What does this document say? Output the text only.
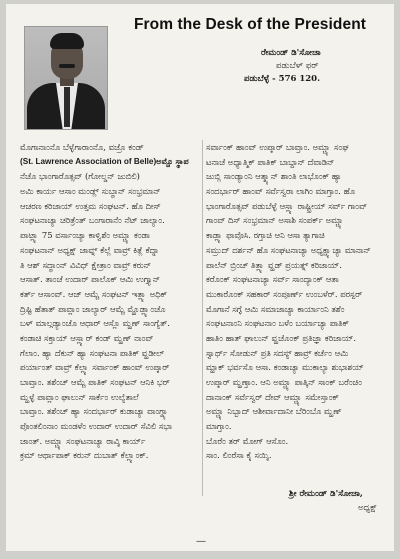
From the Desk of the President
ರೇಮಂಡ್ ಡಿ'ಸೋಜಾ
ಪಡುಬೆಳ್ ಫರ್
ಪಡುಬೆಳ್ಳೆ - 576 120.
ಮೊಗಾನಾಂನೊ ಬೆಳ್ಳೆಗಾರಾಂನೊ, ವಜ್ರೊ ಕಂಡ್
(St. Lawrence Association of Belle)ಅಮ್ಚೊ ಸ್ಥಾಪ
ನೆಚೊ ಭಾಂಗಾರೊತ್ಸವ್ (ಗೋಲ್ಡನ್ ಜುಬಿಲಿ)
ಅಮಿ ಕಾರ್ಯ ಆಸಾಂ ಮಂಡ್ಲ್ ಸುಬ್ಧಾನ್ ಸಂಭ್ರಮಾನ್
ಆಚರಣ ಕರಿಜಾಯ್ ಉತ್ತಮ ಸಂಘಟನ್. ಹೊ ದೀಸ್
ಸಂಘಟನಾಚ್ಯಾ ಚರಿತ್ರೆಂತ್ ಬಂಗಾರಾನೆಂ ನೆಟ್ ಜಾಲ್ಯಾಂ.
ಪಾಟ್ಲ್ಯಾ 75 ವರ್ಸಾಂಚ್ಯಾ ಕಾಳ್ವಿಶೆಂ ಅಮ್ಚ್ಯಾ ಕಂಡಾ
ಸಂಘಟನಾನ್ ಅಧ್ಯಕ್ಷ್ ಜಾವ್ನ್ ಕೆಲ್ಲೆ ವಾವ್ರ್ ಕಿತ್ಲೆ ಕೆದ್ನಾ
ತಿ ಆಶ್ ಸದ್ಧಾಂನ್ ವಿವಿಧ್ ಕ್ಷೇತ್ರಾಂ ವಾವ್ರ್ ಕರುನ್
ಆಸಾತ್. ತಾಂಚೆ ಉದಾರ್ ಪಾಲೊಕ್ ಆಮಿ ಉಗ್ತ್ಯಾನ್
ಕರ್ತ್ ಆಸಾಂವ್. ಆಜ್ ಆಮ್ಚೆ ಸಂಘಟನ್ ಇತ್ಲ್ಯಾ ಅಧಿಕ್
ದ್ರಿಷ್ಟಿ ಹೆತಾತ್ ಪಾವ್ಲಾಂ ಜಾಲ್ಯಾರ್ ಆಮ್ಚೆ ಮ್ಹೊಡ್ಲ್ಯಾಂಚೊ
ಬಳ್ ಮಾಲ್ಗಡ್ಯಾಂಚೊ ಆಧಾರ್ ಆಸ್ಲೊ ಮ್ಹಣ್ ಸಾಂಗ್ಯೆತ್.
ಕಂಡಾಚಿ ಸಕ್ತಾಯ್ ಆಸ್ಲ್ಯಾರ್ ಕಂಡ್ ಮ್ಹಣ್ ನಾಂವ್
ಗೆಲಾಂ. ಹ್ಯಾ ದೆಕುನ್ ಹ್ಯಾ ಸಂಘಟನಾ ಪಾತಿಕ್ ವ್ಹಡೀಲ್
ಪರ್ಯಾಂತ್ ವಾವ್ರ್ ಕೆಲ್ಲ್ಯಾ ಸರ್ವಾಂಕ್ ಹಾಂವ್ ಉಪ್ಕಾರ್
ಬಾವ್ತಾಂ. ತಶೆಂಚ್ ಆಮ್ಚೆ ಪಾತಿಕ್ ಸಂಘಟನ್ ಆನಿಕಿ ಭರ್
ಮ್ಹಳ್ಳೆ ಪಾವ್ಲಾಂ ಘಾಲುನ್ ಸಾರ್ಕೆಂ ಉಲ್ಯೆತಾಲೆ
ಬಾವ್ತಾಂ. ತಶೆಂಚ್ ಹ್ಯಾ ಸಂದರ್ಭಾರ್ ಕುಡಾಚ್ಯಾ ವಾಂಗ್ಡ್ಯಾ
ಪೊಂತಲಿಂನಾಂ ಮಂಡಳೆಂ ಉದಾರ್ ಉದಾರ್ ಸೆವಿಲಿ ಸಭಾ
ಜಾಂತ್. ಅಮ್ಚ್ಯಾ ಸಂಘಟನಾಚ್ಯಾ ರಾವ್ಶಿ ಕಾರ್ಯ್
ಕ್ರಮ್ ಆರ್ಥಾಪಾಕ್ ಕರುನ್ ದುಬಾತ್ ಕೆಲ್ಲ್ಯಾಂಕ್.
ಸರ್ವಾಂಕ್ ಹಾಂವ್ ಉಪ್ಕಾರ್ ಬಾವ್ತಾಂ. ಅಮ್ಚ್ಯಾ ಸಂಘ
ಟನಾಚೆ ಅಧ್ಯಾತ್ಮಿಕ್ ಪಾತಿಕ್ ಬಾಬ್ದಾನ್ ದೆವಾಡಿನ್
ಜುಬ್ಲಿ ಸಾಂಡ್ಯಾಂನಿ ಆತ್ಮ್ಯಾನ್ ಶಾಂತಿ ಲಾಭೊಂಕ್ ಹ್ಯಾ
ಸಂದರ್ಭಾರ್ ಹಾಂವ್ ಸರ್ವೆಸ್ವರಾ ಲಾಗಿಂ ಮಾಗ್ತಾಂ. ಹೊ
ಭಾಂಗಾರೊತ್ಸವ್ ಪಡುಬೆಳ್ಳೆ ಆಸ್ಲ್ಯಾ ರಾಷ್ಟ್ರೀಯ್ ಸರ್ವ್ ಗಾಂವ್
ಗಾಂವ್ ದಿಸ್ ಸಂಭ್ರಮಾನ್ ಅಸಾಶಿ ಸಂಪರ್ಕ್ ಅಮ್ಚ್ಯಾ
ಕಾಡ್ಲ್ಯಾ ಫಾವೊಸಿ. ರಗ್ತಾಚಿ ಆನಿ ಆಸಾ ತ್ಯಾಗಾಚಿ
ಸಮ್ರುದ್ ದರ್ಶನ್ ಹೊ ಸಂಘಟನಾಚ್ಯಾ ಅಧ್ಯಕ್ಷ್ಯಾಚ್ಯಾ ಮಾನಾನ್
ಪಾಲೆನ್ ಬ್ರಿಂಚ್ ತಿತ್ಲ್ಯಾ ವ್ಹಡ್ ಪ್ರಯತ್ನ್ ಕರಿಜಾಯ್.
ಕರೊಂಕ್ ಸಂಘಟನಾಚ್ಯಾ ಸರ್ವ್ ಸಾಂದ್ಯಾಂಕ್ ಆತಾ
ಮುಕಾರೊಂಕ್ ಸಹಕಾರ್ ಸಂಪೂರ್ಣ್ ಉಂಬಳೆರ್. ಪರಸ್ಪರ್
ಮೊಗಾನೆ ಸಗ್ಳೆ ಆಮಿ ಸಮಾಜಾಚ್ಯಾ ಕಾರ್ಯಾಂನಿ ತಶೆಂ
ಸಂಘಟನಾಂನಿ ಸಂಘಟನಾಂ ಬಳೆಂ ಬರ್ಯಾಚ್ಯಾ ಪಾತಿಕ್
ಹಾತಿಂ ಹಾತ್ ಘಾಲುನ್ ವ್ಹಚೊಂಕ್ ಪ್ರತಿಜ್ಞಾ ಕರಿಜಾಯ್.
ಸ್ವಾರ್ಥ್ ಸೋಡುನ್ ಪ್ರತಿ ಸದಸ್ಯ್ ಹಾವ್ರ್ ಕರ್ಚೆಂ ಆಮಿ
ಮ್ಹಾಕ್ ಭರ್ವಸೊ ಆಸಾ. ಕಂಡಾಚ್ಯಾ ಮುಕಾಲ್ಯಾ ಶುಭಾಶಯ್
ಉಪ್ಕಾರ್ ಮ್ಹಣ್ತಾಂ. ಆನಿ ಅಮ್ಚ್ಯಾ ಪಾತ್ಕಿನ್ ಸಾಂಕ್ ಬರೆಂಚಿಂ
ದಾನಾಂಕ್ ಸರ್ವೆಸ್ವರ್ ದೇವ್ ಆಮ್ಚ್ಯಾ ಸಮೇಸ್ತಾಂಕ್
ಅಮ್ಚ್ಯಾ ನಿಬ್ಬಾದ್ ಆಶೀರ್ವಾದಾನೀ ಬೆರಿಂಬೊ ಮ್ಹಣ್
ಮಾಗ್ತಾಂ.
ಬೊರೆಂ ತರ್ ಮೋಗ್ ಆಸೊಂ.
ಸಾಂ. ಲಿಂರೆಸಾ ಕೈ ಸಯ್ಶಿ.
ಶ್ರೀ ರೇಮಂಡ್ ಡಿ'ಸೋಜಾ,
ಅಧ್ಯಕ್ಷ್
—
